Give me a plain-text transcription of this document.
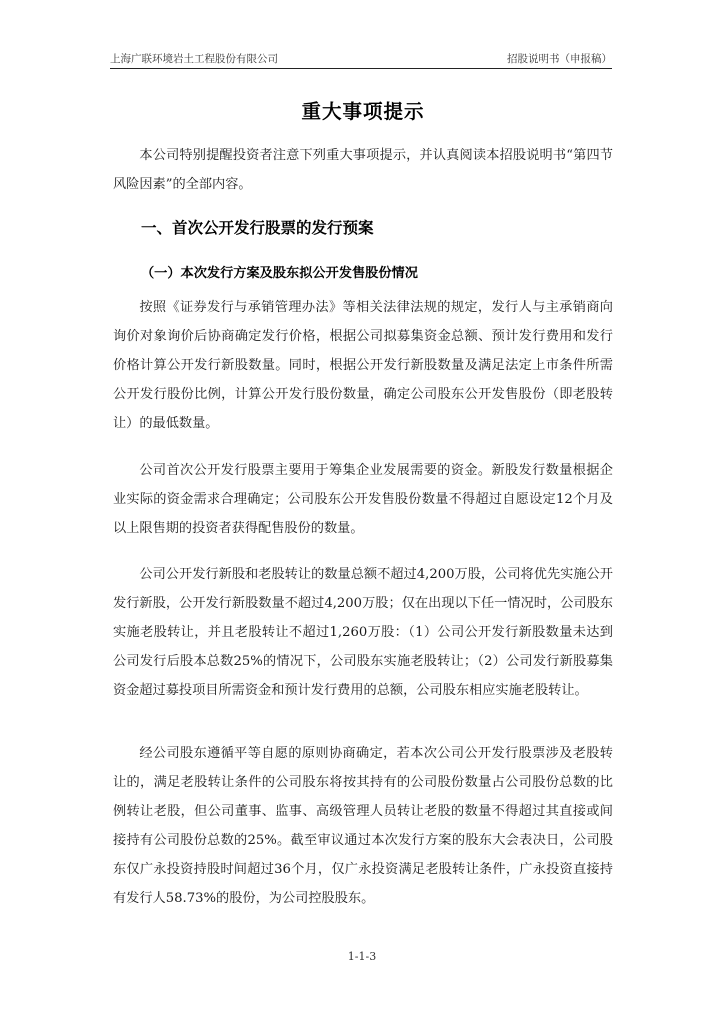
上海广联环境岩土工程股份有限公司	招股说明书（申报稿）
重大事项提示

本公司特别提醒投资者注意下列重大事项提示，并认真阅读本招股说明书“第四节 风险因素”的全部内容。

一、首次公开发行股票的发行预案
（一）本次发行方案及股东拟公开发售股份情况

按照《证券发行与承销管理办法》等相关法律法规的规定，发行人与主承销商向询价对象询价后协商确定发行价格，根据公司拟募集资金总额、预计发行费用和发行价格计算公开发行新股数量。同时，根据公开发行新股数量及满足法定上市条件所需公开发行股份比例，计算公开发行股份数量，确定公司股东公开发售股份（即老股转让）的最低数量。

公司首次公开发行股票主要用于筹集企业发展需要的资金。新股发行数量根据企业实际的资金需求合理确定；公司股东公开发售股份数量不得超过自愿设定12个月及以上限售期的投资者获得配售股份的数量。

公司公开发行新股和老股转让的数量总额不超过4,200万股，公司将优先实施公开发行新股，公开发行新股数量不超过4,200万股；仅在出现以下任一情况时，公司股东实施老股转让，并且老股转让不超过1,260万股：（1）公司公开发行新股数量未达到公司发行后股本总数25%的情况下，公司股东实施老股转让；（2）公司发行新股募集资金超过募投项目所需资金和预计发行费用的总额，公司股东相应实施老股转让。

经公司股东遵循平等自愿的原则协商确定，若本次公司公开发行股票涉及老股转让的，满足老股转让条件的公司股东将按其持有的公司股份数量占公司股份总数的比例转让老股，但公司董事、监事、高级管理人员转让老股的数量不得超过其直接或间接持有公司股份总数的25%。截至审议通过本次发行方案的股东大会表决日，公司股东仅广永投资持股时间超过36个月，仅广永投资满足老股转让条件，广永投资直接持有发行人58.73%的股份，为公司控股股东。

1-1-3
